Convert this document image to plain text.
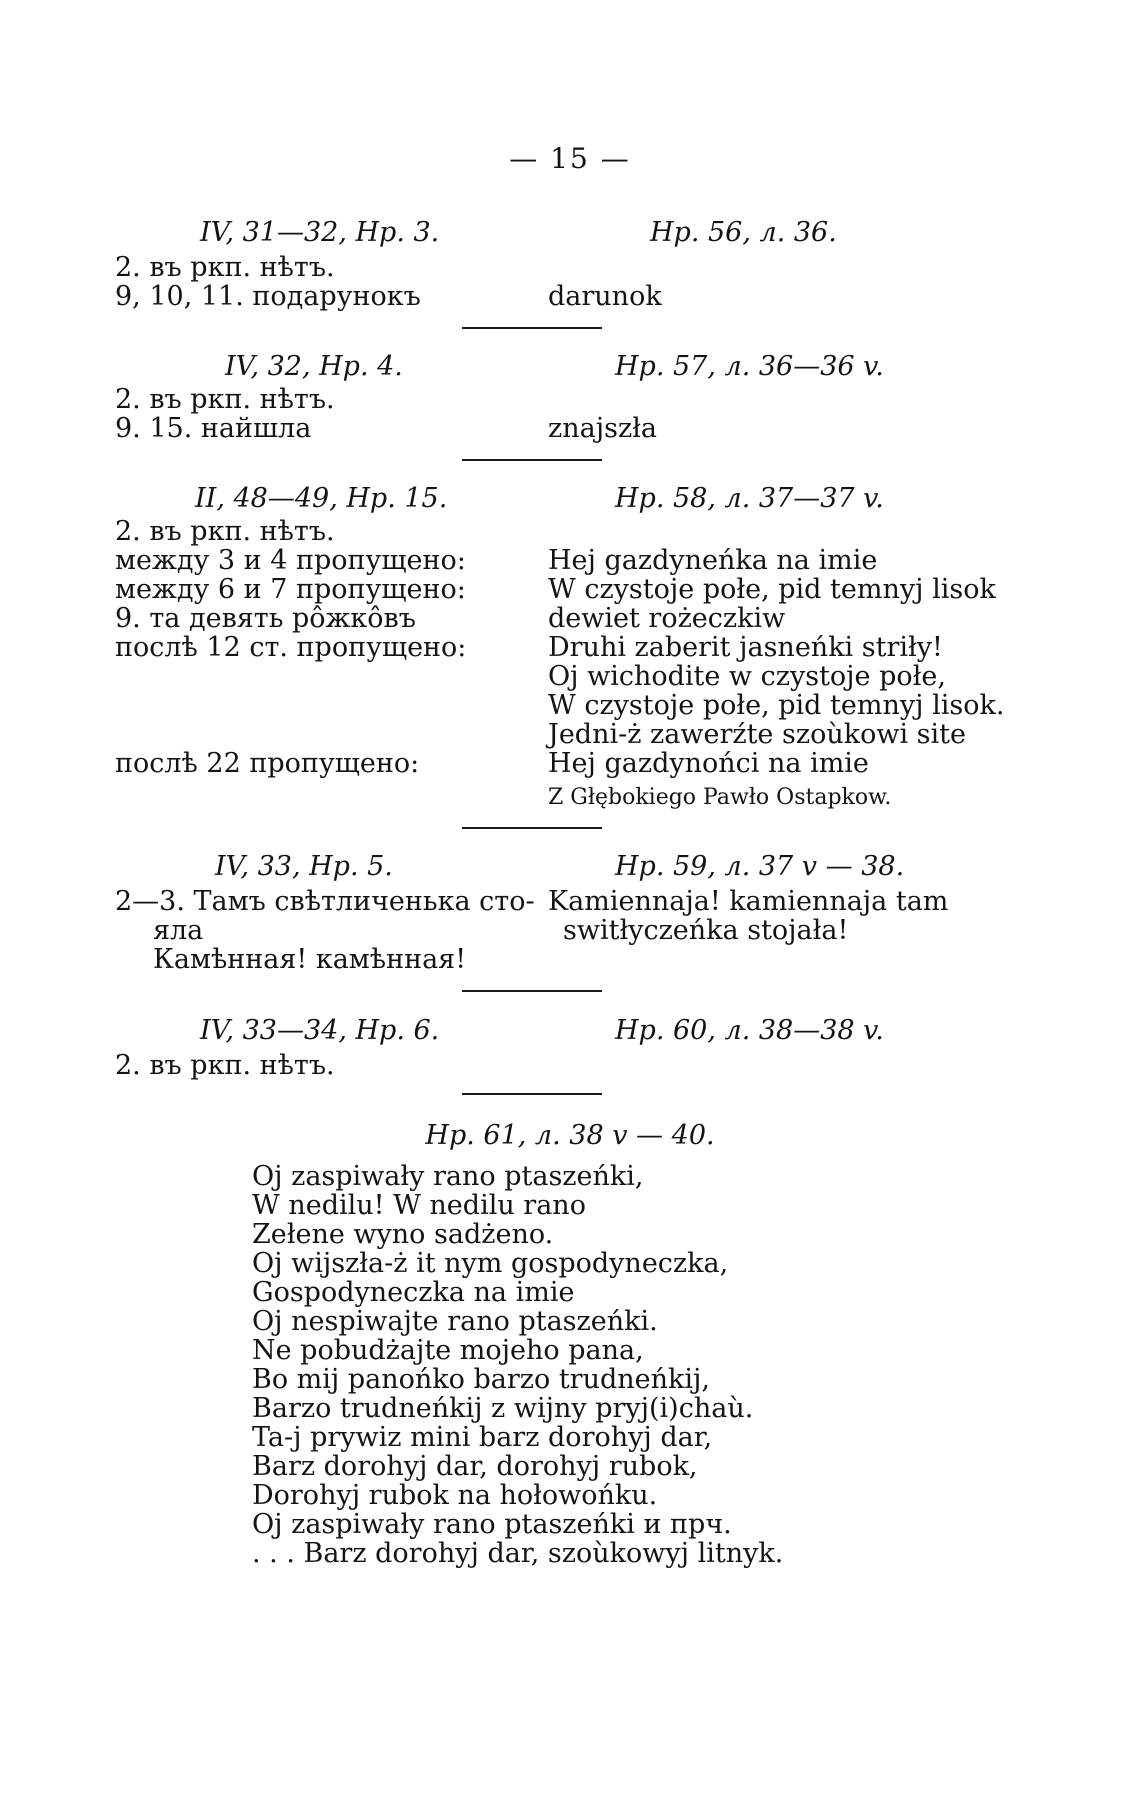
— 15 —
IV, 31—32, Нр. 3.
2. въ ркп. нѣтъ.
9, 10, 11. подарунокъ
Hp. 56, л. 36.
darunok
IV, 32, Нр. 4.
2. въ ркп. нѣтъ.
9. 15. найшла
Нр. 57, л. 36—36 v.
znajszła
II, 48—49, Нр. 15.
2. въ ркп. нѣтъ.
между 3 и 4 пропущено:
между 6 и 7 пропущено:
9. та девять рôжкôвъ
послѣ 12 ст. пропущено:
послѣ 22 пропущено:
Нр. 58, л. 37—37 v.
Hej gazdyneńka na imie
W czystoje połe, pid temnyj lisok
dewiet rożeczkiw
Druhi zaberit jasneńki striły!
Oj wichodite w czystoje połe,
W czystoje połe, pid temnyj lisok.
Jedni-ż zawerźte szoùkowi site
Hej gazdynońci na imie
Z Głębokiego Pawło Ostapkow.
IV, 33, Нр. 5.
2—3. Тамъ свѣтличенька сто-
яла
Камѣнная! камѣнная!
Нр. 59, л. 37 v — 38.
Kamiennaja! kamiennaja tam
switłyczeńka stojała!
IV, 33—34, Нр. 6.
2. въ ркп. нѣтъ.
Нр. 60, л. 38—38 v.
Нр. 61, л. 38 v — 40.
Oj zaspiwały rano ptaszeńki,
W nedilu! W nedilu rano
Zełene wyno sadżeno.
Oj wijszła-ż it nym gospodyneczka,
Gospodyneczka na imie
Oj nespiwajte rano ptaszeńki.
Ne pobudżajte mojeho pana,
Bo mij panońko barzo trudneńkij,
Barzo trudneńkij z wijny pryj(i)chaù.
Ta-j prywiz mini barz dorohyj dar,
Barz dorohyj dar, dorohyj rubok,
Dorohyj rubok na hołowońku.
Oj zaspiwały rano ptaszeńki и прч.
. . . Barz dorohyj dar, szoùkowyj litnyk.
